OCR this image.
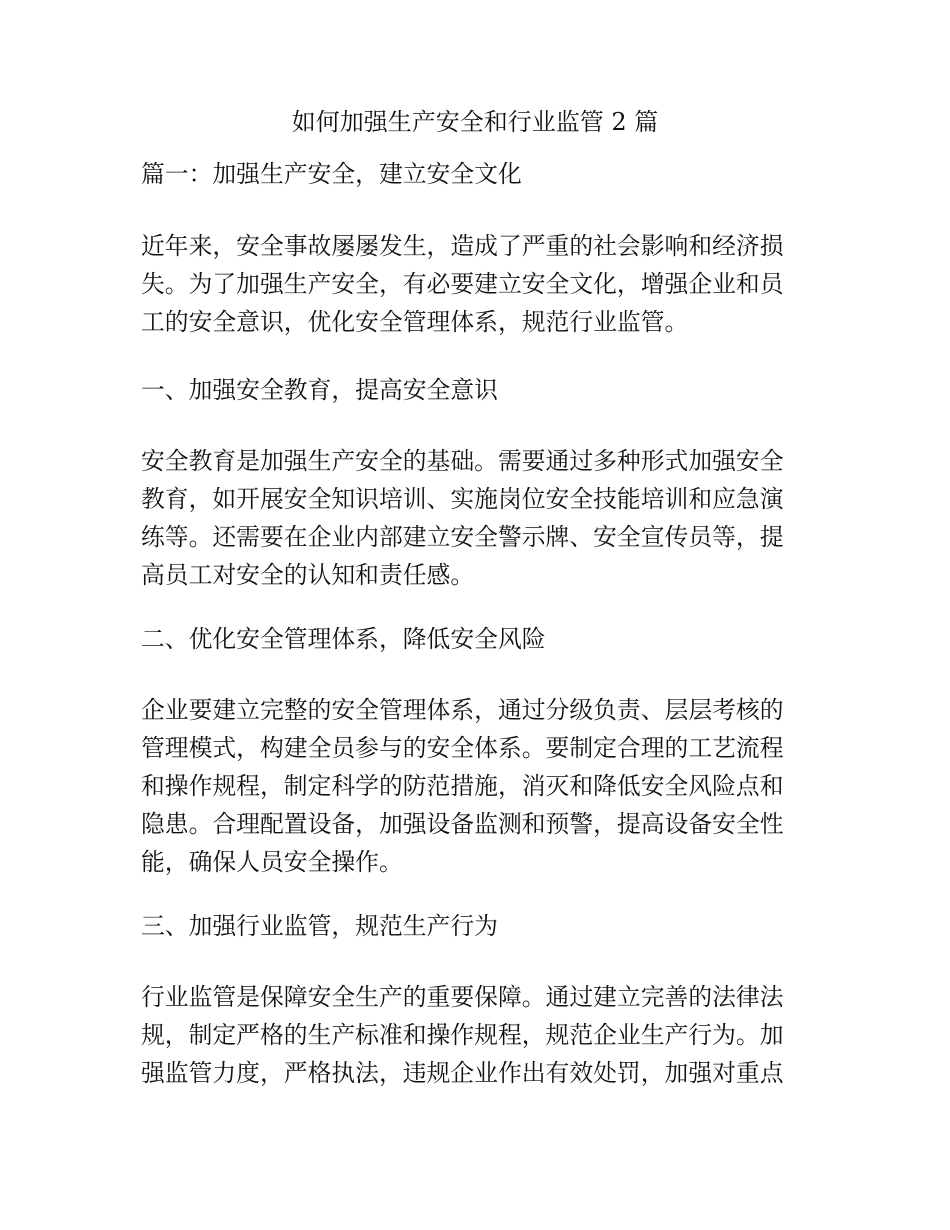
如何加强生产安全和行业监管 2 篇

篇一：加强生产安全，建立安全文化

近年来，安全事故屡屡发生，造成了严重的社会影响和经济损
失。为了加强生产安全，有必要建立安全文化，增强企业和员
工的安全意识，优化安全管理体系，规范行业监管。

一、加强安全教育，提高安全意识

安全教育是加强生产安全的基础。需要通过多种形式加强安全
教育，如开展安全知识培训、实施岗位安全技能培训和应急演
练等。还需要在企业内部建立安全警示牌、安全宣传员等，提
高员工对安全的认知和责任感。

二、优化安全管理体系，降低安全风险

企业要建立完整的安全管理体系，通过分级负责、层层考核的
管理模式，构建全员参与的安全体系。要制定合理的工艺流程
和操作规程，制定科学的防范措施，消灭和降低安全风险点和
隐患。合理配置设备，加强设备监测和预警，提高设备安全性
能，确保人员安全操作。

三、加强行业监管，规范生产行为

行业监管是保障安全生产的重要保障。通过建立完善的法律法
规，制定严格的生产标准和操作规程，规范企业生产行为。加
强监管力度，严格执法，违规企业作出有效处罚，加强对重点
